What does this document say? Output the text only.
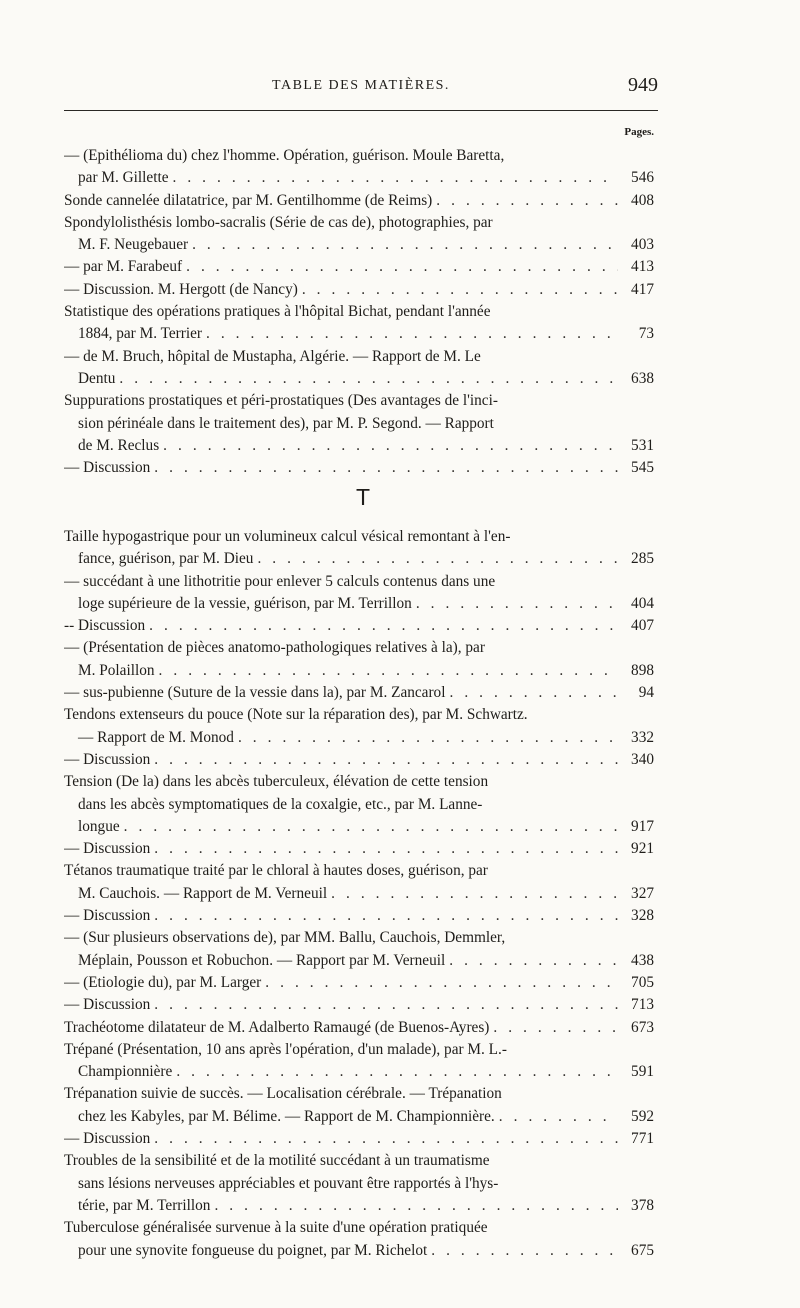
TABLE DES MATIÈRES.	949
Pages.
— (Epithélioma du) chez l'homme. Opération, guérison. Moule Baretta,
par M. Gillette . . .	546
Sonde cannelée dilatatrice, par M. Gentilhomme (de Reims) . . .	408
Spondylolisthésis lombo-sacralis (Série de cas de), photographies, par
M. F. Neugebauer . . .	403
— par M. Farabeuf . . .	413
— Discussion. M. Hergott (de Nancy) . . .	417
Statistique des opérations pratiques à l'hôpital Bichat, pendant l'année
1884, par M. Terrier . . .	73
— de M. Bruch, hôpital de Mustapha, Algérie. — Rapport de M. Le
Dentu . . .	638
Suppurations prostatiques et péri-prostatiques (Des avantages de l'inci-
sion périnéale dans le traitement des), par M. P. Segond. — Rapport
de M. Reclus . . .	531
— Discussion . . .	545
T
Taille hypogastrique pour un volumineux calcul vésical remontant à l'en-
fance, guérison, par M. Dieu . . .	285
— succédant à une lithotritie pour enlever 5 calculs contenus dans une
loge supérieure de la vessie, guérison, par M. Terrillon . . .	404
-- Discussion . . .	407
— (Présentation de pièces anatomo-pathologiques relatives à la), par
M. Polaillon . . .	898
— sus-pubienne (Suture de la vessie dans la), par M. Zancarol . . .	94
Tendons extenseurs du pouce (Note sur la réparation des), par M. Schwartz.
— Rapport de M. Monod . . .	332
— Discussion . . .	340
Tension (De la) dans les abcès tuberculeux, élévation de cette tension
dans les abcès symptomatiques de la coxalgie, etc., par M. Lanne-
longue . . .	917
— Discussion . . .	921
Tétanos traumatique traité par le chloral à hautes doses, guérison, par
M. Cauchois. — Rapport de M. Verneuil . . .	327
— Discussion . . .	328
— (Sur plusieurs observations de), par MM. Ballu, Cauchois, Demmler,
Méplain, Pousson et Robuchon. — Rapport par M. Verneuil . . .	438
— (Etiologie du), par M. Larger . . .	705
— Discussion . . .	713
Trachéotome dilatateur de M. Adalberto Ramaugé (de Buenos-Ayres) . . .	673
Trépané (Présentation, 10 ans après l'opération, d'un malade), par M. L.-
Championnière . . .	591
Trépanation suivie de succès. — Localisation cérébrale. — Trépanation
chez les Kabyles, par M. Bélime. — Rapport de M. Championnière. . . .	592
— Discussion . . .	771
Troubles de la sensibilité et de la motilité succédant à un traumatisme
sans lésions nerveuses appréciables et pouvant être rapportés à l'hys-
térie, par M. Terrillon . . .	378
Tuberculose généralisée survenue à la suite d'une opération pratiquée
pour une synovite fongueuse du poignet, par M. Richelot . . .	675
